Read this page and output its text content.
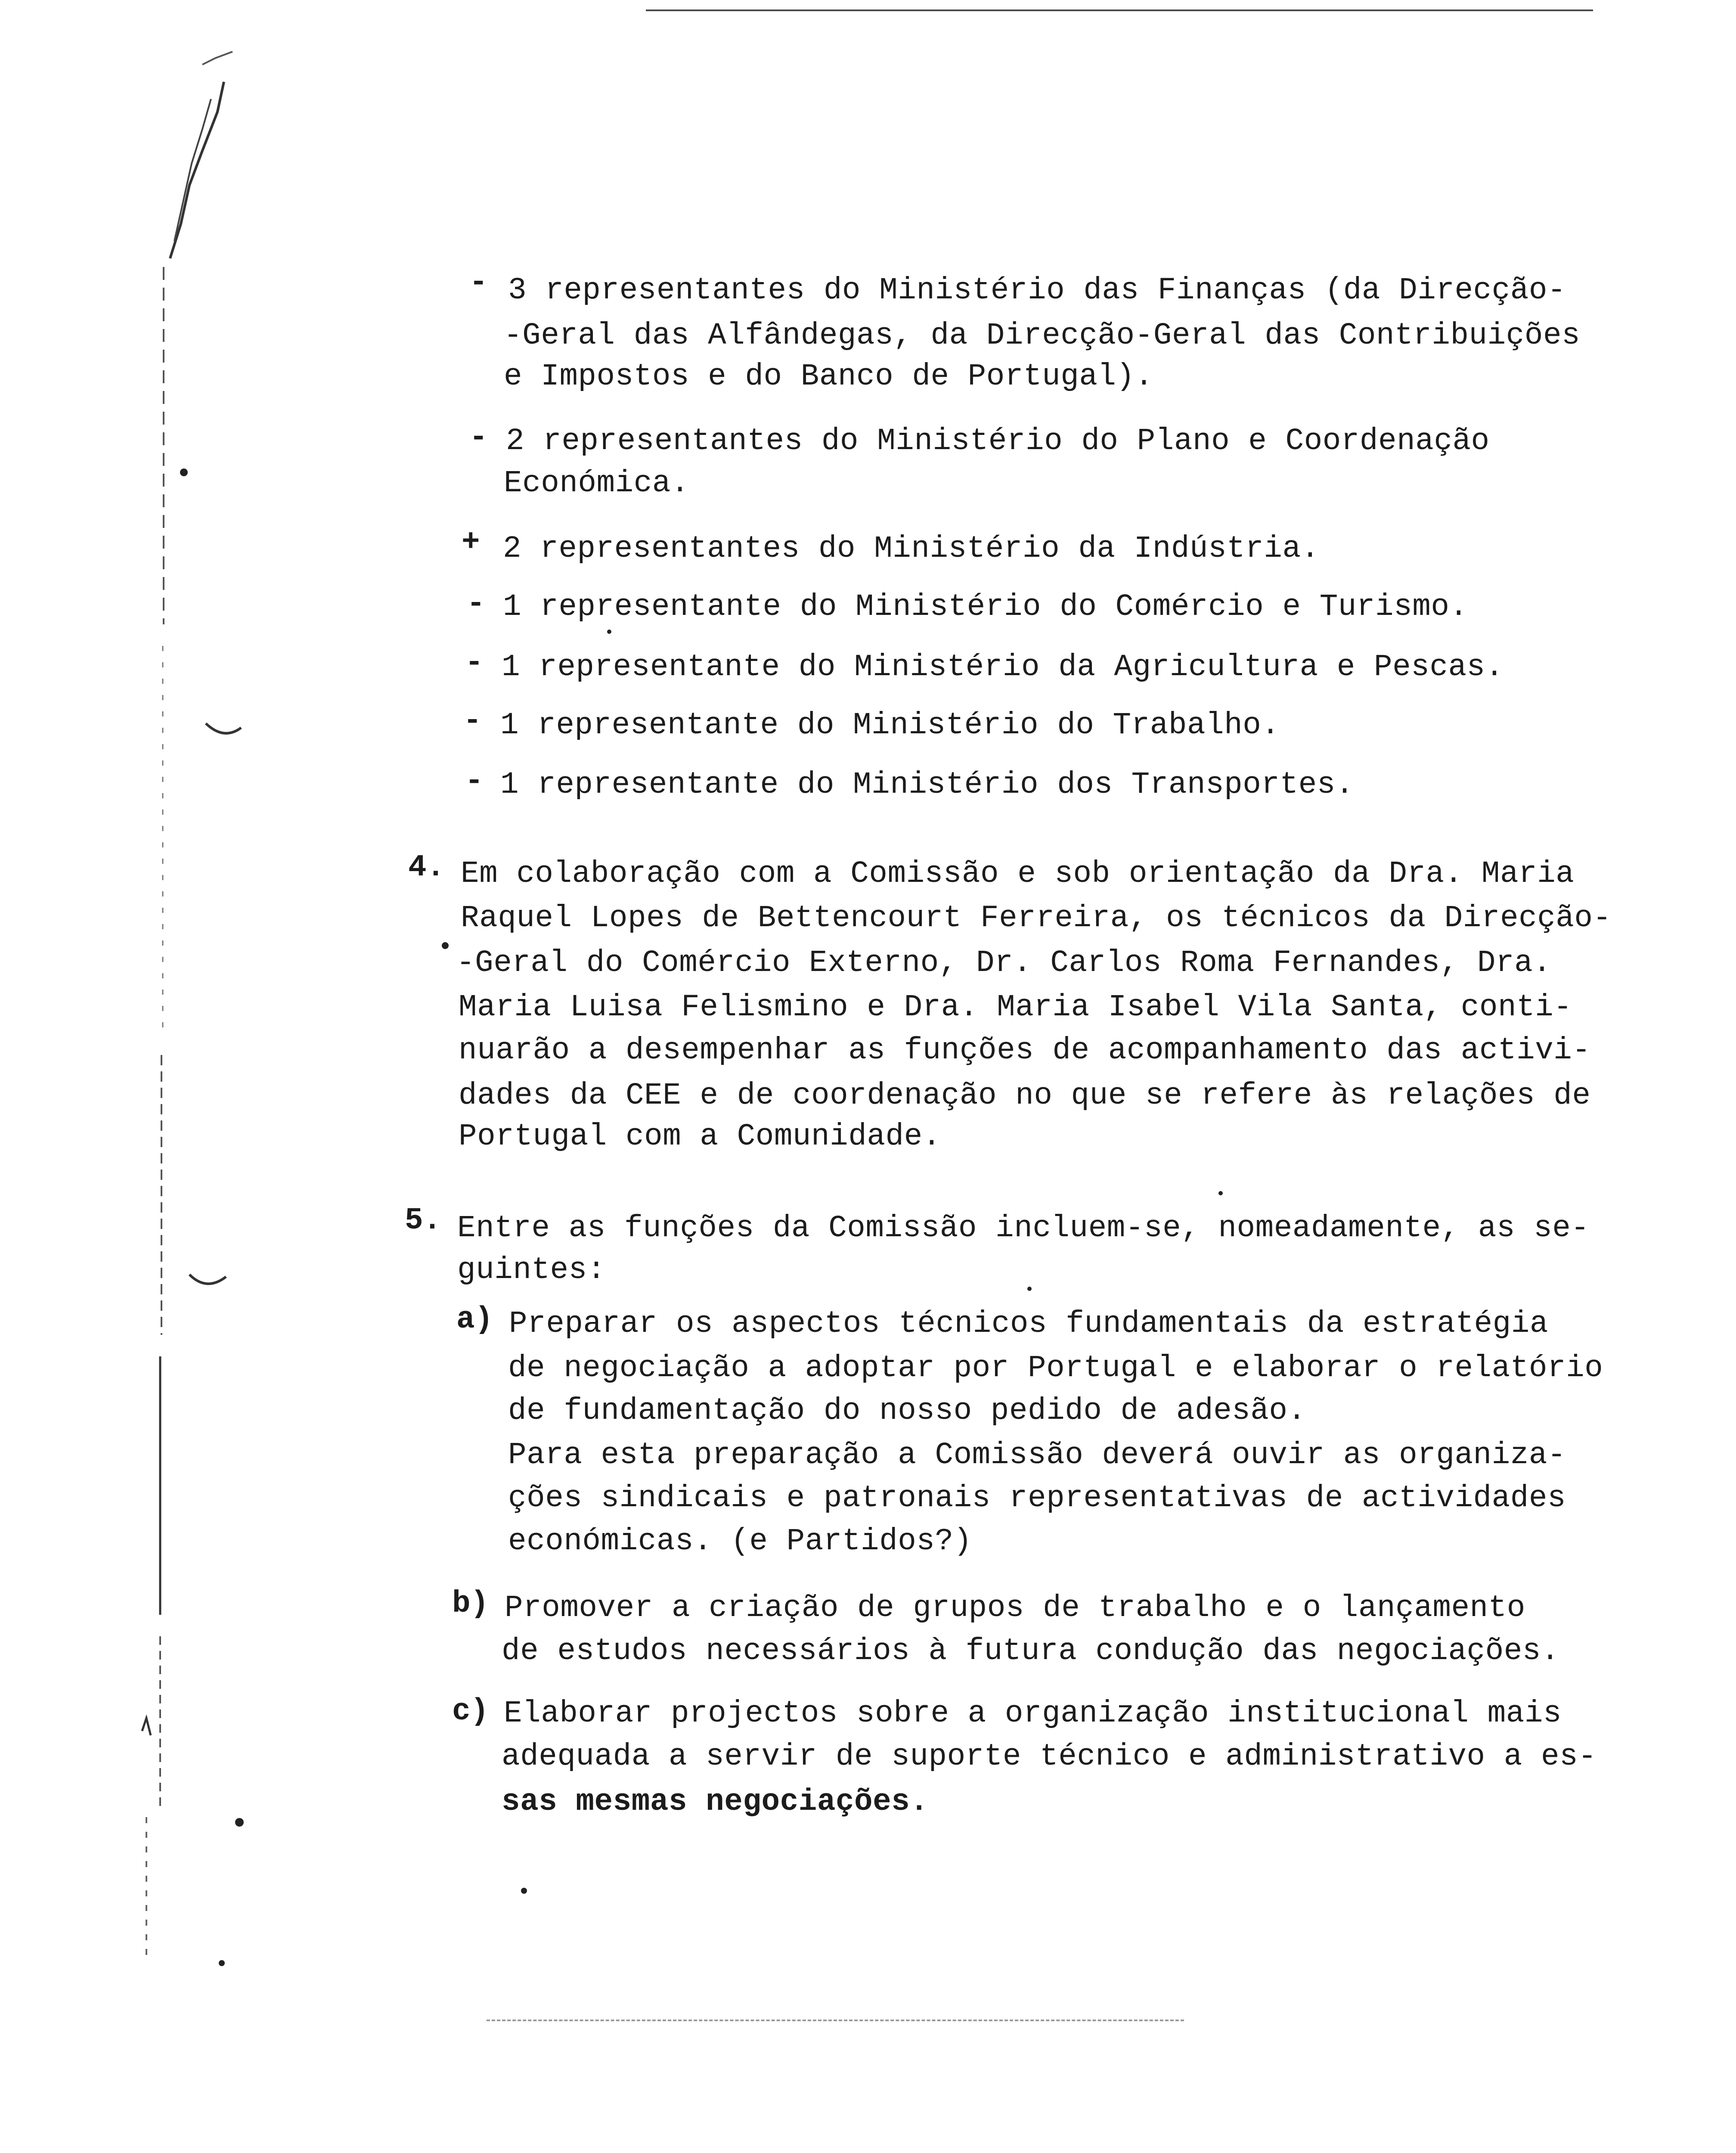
- 3 representantes do Ministério das Finanças (da Direcção-
-Geral das Alfândegas, da Direcção-Geral das Contribuições
e Impostos e do Banco de Portugal).
- 2 representantes do Ministério do Plano e Coordenação
Económica.
+ 2 representantes do Ministério da Indústria.
- 1 representante do Ministério do Comércio e Turismo.
- 1 representante do Ministério da Agricultura e Pescas.
- 1 representante do Ministério do Trabalho.
- 1 representante do Ministério dos Transportes.
4. Em colaboração com a Comissão e sob orientação da Dra. Maria
Raquel Lopes de Bettencourt Ferreira, os técnicos da Direcção-
-Geral do Comércio Externo, Dr. Carlos Roma Fernandes, Dra.
Maria Luisa Felismino e Dra. Maria Isabel Vila Santa, conti-
nuarão a desempenhar as funções de acompanhamento das activi-
dades da CEE e de coordenação no que se refere às relações de
Portugal com a Comunidade.
5. Entre as funções da Comissão incluem-se, nomeadamente, as se-
guintes:
a) Preparar os aspectos técnicos fundamentais da estratégia
de negociação a adoptar por Portugal e elaborar o relatório
de fundamentação do nosso pedido de adesão.
Para esta preparação a Comissão deverá ouvir as organiza-
ções sindicais e patronais representativas de actividades
económicas. (e Partidos?)
b) Promover a criação de grupos de trabalho e o lançamento
de estudos necessários à futura condução das negociações.
c) Elaborar projectos sobre a organização institucional mais
adequada a servir de suporte técnico e administrativo a es-
sas mesmas negociações.
